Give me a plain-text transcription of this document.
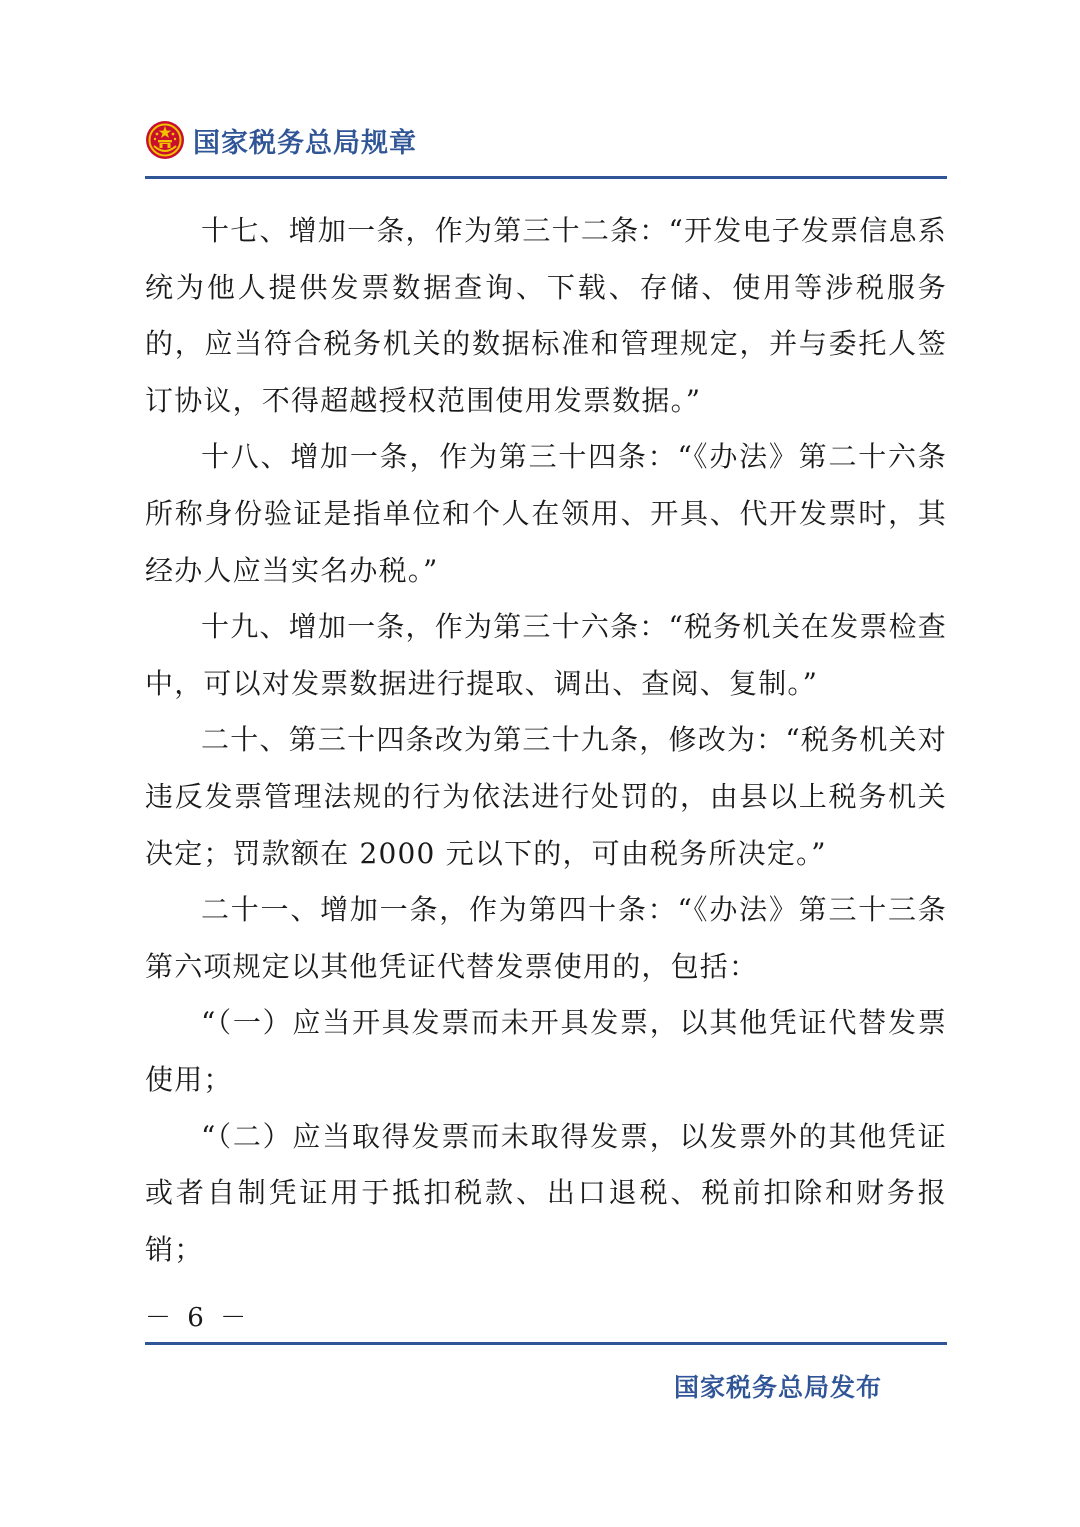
国家税务总局规章

十七、增加一条，作为第三十二条：“开发电子发票信息系统为他人提供发票数据查询、下载、存储、使用等涉税服务的，应当符合税务机关的数据标准和管理规定，并与委托人签订协议，不得超越授权范围使用发票数据。”

十八、增加一条，作为第三十四条：“《办法》第二十六条所称身份验证是指单位和个人在领用、开具、代开发票时，其经办人应当实名办税。”

十九、增加一条，作为第三十六条：“税务机关在发票检查中，可以对发票数据进行提取、调出、查阅、复制。”

二十、第三十四条改为第三十九条，修改为：“税务机关对违反发票管理法规的行为依法进行处罚的，由县以上税务机关决定；罚款额在 2000 元以下的，可由税务所决定。”

二十一、增加一条，作为第四十条：“《办法》第三十三条第六项规定以其他凭证代替发票使用的，包括：

“（一）应当开具发票而未开具发票，以其他凭证代替发票使用；

“（二）应当取得发票而未取得发票，以发票外的其他凭证或者自制凭证用于抵扣税款、出口退税、税前扣除和财务报销；

－ 6 －
国家税务总局发布
